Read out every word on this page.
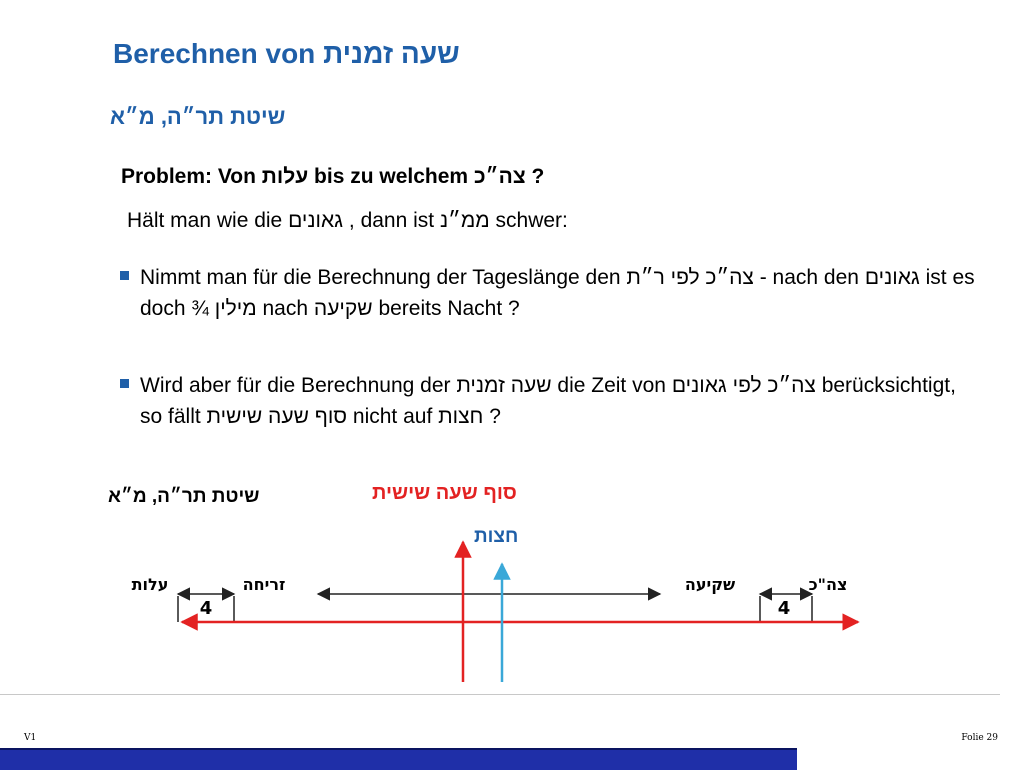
Berechnen von שעה זמנית
שיטת תר״ה, מ״א
Problem: Von עלות bis zu welchem צה״כ ?
Hält man wie die גאונים , dann ist ממ״נ schwer:
Nimmt man für die Berechnung der Tageslänge den צה״כ לפי ר״ת - nach den גאונים ist es doch ¾ מילין nach שקיעה bereits Nacht ?
Wird aber für die Berechnung der שעה זמנית die Zeit von צה״כ לפי גאונים berücksichtigt, so fällt סוף שעה שישית nicht auf חצות ?
שיטת תר״ה, מ״א	סוף שעה שישית
חצות
עלות	זריחה	שקיעה	צה"כ
4	4
V1	Folie 29
